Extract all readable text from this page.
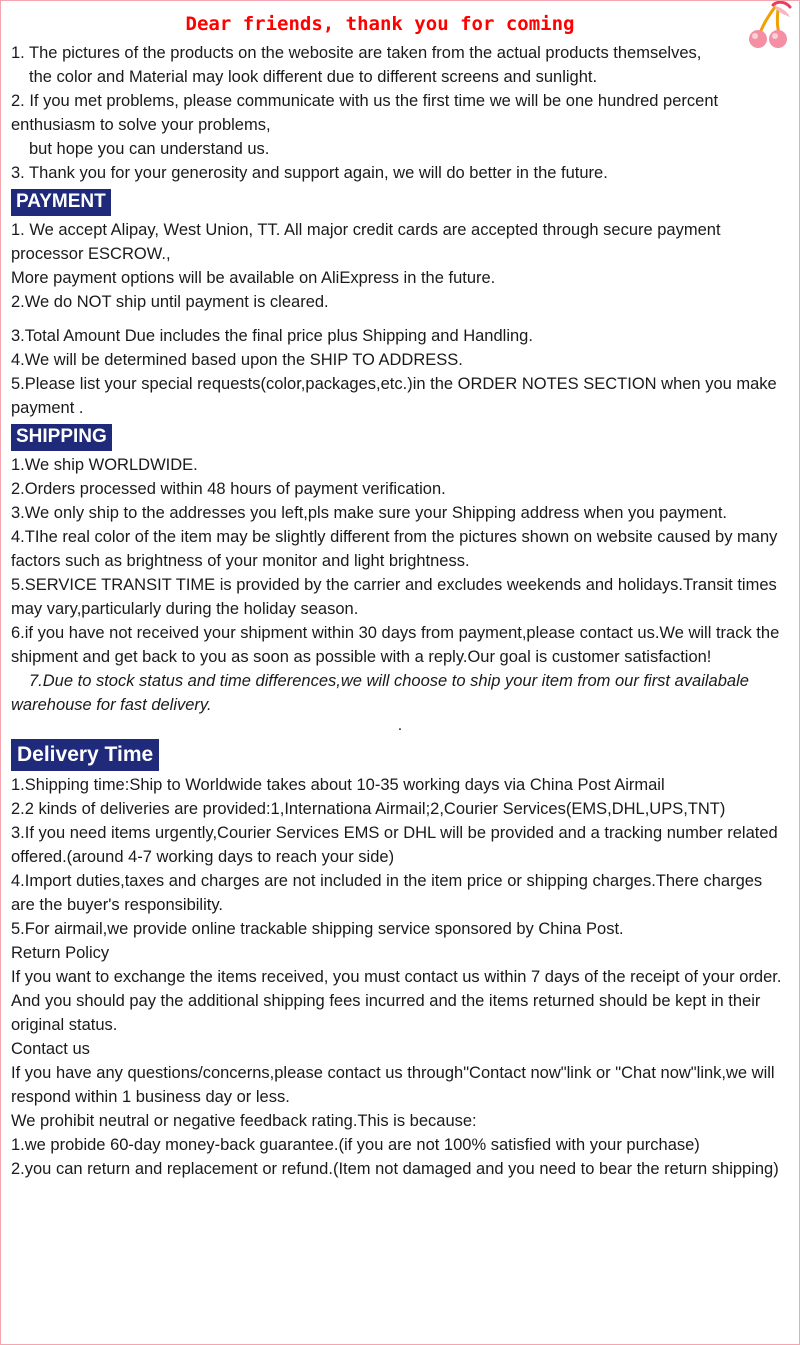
Dear friends, thank you for coming

1. The pictures of the products on the webosite are taken from the actual products themselves,

the color and Material may look different due to different screens and sunlight.

2. If you met problems, please communicate with us the first time we will be one hundred percent enthusiasm to solve your problems,

but hope you can understand us.

3. Thank you for your generosity and support again, we will do better in the future.

PAYMENT

1. We accept Alipay, West Union, TT. All major credit cards are accepted through secure payment processor ESCROW.,

More payment options will be available on AliExpress in the future.

2.We do NOT ship until payment is cleared.

3.Total Amount Due includes the final price plus Shipping and Handling.

4.We will be determined based upon the SHIP TO ADDRESS.

5.Please list your special requests(color,packages,etc.)in the ORDER NOTES SECTION when you make payment .

SHIPPING

1.We ship WORLDWIDE.

2.Orders processed within 48 hours of payment verification.

3.We only ship to the addresses you left,pls make sure your Shipping address when you payment.

4.TIhe real color of the item may be slightly different from the pictures shown on website caused by many factors such as brightness of your monitor and light brightness.

5.SERVICE TRANSIT TIME is provided by the carrier and excludes weekends and holidays.Transit times may vary,particularly during the holiday season.

6.if you have not received your shipment within 30 days from payment,please contact us.We will track the shipment and get back to you as soon as possible with a reply.Our goal is customer satisfaction!

7.Due to stock status and time differences,we will choose to ship your item from our first availabale warehouse for fast delivery.

.
Delivery Time

1.Shipping time:Ship to Worldwide takes about 10-35 working days via China Post Airmail

2.2 kinds of deliveries are provided:1,Internationa Airmail;2,Courier Services(EMS,DHL,UPS,TNT)

3.If you need items urgently,Courier Services EMS or DHL will be provided and a tracking number related offered.(around 4-7 working days to reach your side)

4.Import duties,taxes and charges are not included in the item price or shipping charges.There charges are the buyer's responsibility.

5.For airmail,we provide online trackable shipping service sponsored by China Post.

Return Policy

If you want to exchange the items received, you must contact us within 7 days of the receipt of your order. And you should pay the additional shipping fees incurred and the items returned should be kept in their original status.

Contact us

If you have any questions/concerns,please contact us through"Contact now"link or "Chat now"link,we will respond within 1 business day or less.

We prohibit neutral or negative feedback rating.This is because:

1.we probide 60-day money-back guarantee.(if you are not 100% satisfied with your purchase)

2.you can return and replacement or refund.(Item not damaged and you need to bear the return shipping)
